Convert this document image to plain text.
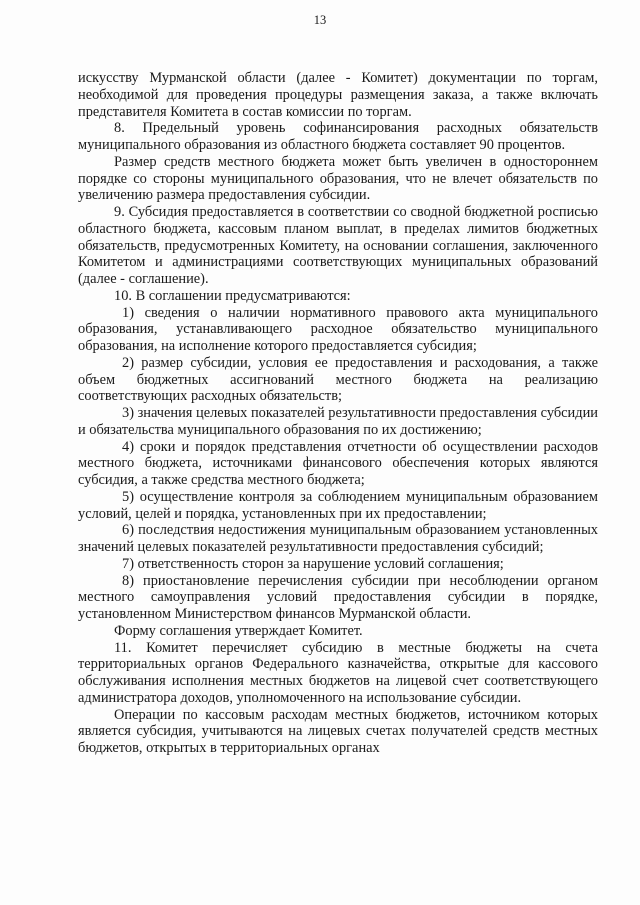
13

искусству Мурманской области (далее - Комитет) документации по торгам, необходимой для проведения процедуры размещения заказа, а также включать представителя Комитета в состав комиссии по торгам.

8. Предельный уровень софинансирования расходных обязательств муниципального образования из областного бюджета составляет 90 процентов.

Размер средств местного бюджета может быть увеличен в одностороннем порядке со стороны муниципального образования, что не влечет обязательств по увеличению размера предоставления субсидии.

9. Субсидия предоставляется в соответствии со сводной бюджетной росписью областного бюджета, кассовым планом выплат, в пределах лимитов бюджетных обязательств, предусмотренных Комитету, на основании соглашения, заключенного Комитетом и администрациями соответствующих муниципальных образований (далее - соглашение).

10. В соглашении предусматриваются:

1) сведения о наличии нормативного правового акта муниципального образования, устанавливающего расходное обязательство муниципального образования, на исполнение которого предоставляется субсидия;

2) размер субсидии, условия ее предоставления и расходования, а также объем бюджетных ассигнований местного бюджета на реализацию соответствующих расходных обязательств;

3) значения целевых показателей результативности предоставления субсидии и обязательства муниципального образования по их достижению;

4) сроки и порядок представления отчетности об осуществлении расходов местного бюджета, источниками финансового обеспечения которых являются субсидия, а также средства местного бюджета;

5) осуществление контроля за соблюдением муниципальным образованием условий, целей и порядка, установленных при их предоставлении;

6) последствия недостижения муниципальным образованием установленных значений целевых показателей результативности предоставления субсидий;

7) ответственность сторон за нарушение условий соглашения;

8) приостановление перечисления субсидии при несоблюдении органом местного самоуправления условий предоставления субсидии в порядке, установленном Министерством финансов Мурманской области.

Форму соглашения утверждает Комитет.

11. Комитет перечисляет субсидию в местные бюджеты на счета территориальных органов Федерального казначейства, открытые для кассового обслуживания исполнения местных бюджетов на лицевой счет соответствующего администратора доходов, уполномоченного на использование субсидии.

Операции по кассовым расходам местных бюджетов, источником которых является субсидия, учитываются на лицевых счетах получателей средств местных бюджетов, открытых в территориальных органах
